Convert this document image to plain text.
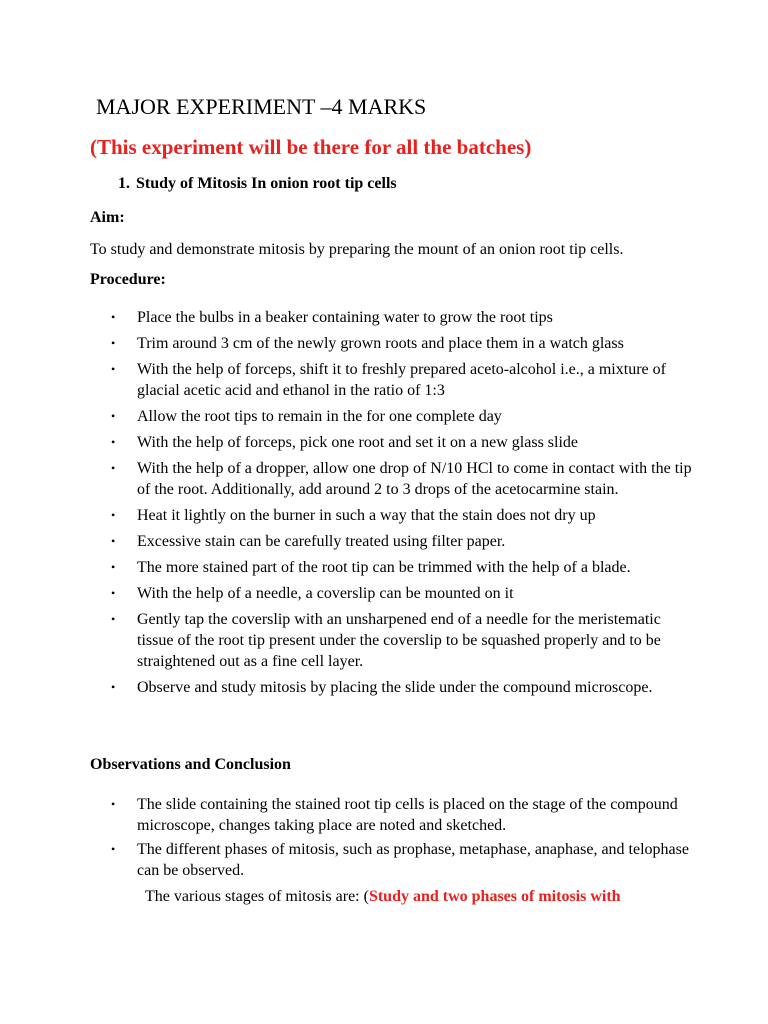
MAJOR EXPERIMENT –4 MARKS
(This experiment will be there for all the batches)
1. Study of Mitosis In onion root tip cells
Aim:
To study and demonstrate mitosis by preparing the mount of an onion root tip cells.
Procedure:
• Place the bulbs in a beaker containing water to grow the root tips
• Trim around 3 cm of the newly grown roots and place them in a watch glass
• With the help of forceps, shift it to freshly prepared aceto-alcohol i.e., a mixture of glacial acetic acid and ethanol in the ratio of 1:3
• Allow the root tips to remain in the for one complete day
• With the help of forceps, pick one root and set it on a new glass slide
• With the help of a dropper, allow one drop of N/10 HCl to come in contact with the tip of the root. Additionally, add around 2 to 3 drops of the acetocarmine stain.
• Heat it lightly on the burner in such a way that the stain does not dry up
• Excessive stain can be carefully treated using filter paper.
• The more stained part of the root tip can be trimmed with the help of a blade.
• With the help of a needle, a coverslip can be mounted on it
• Gently tap the coverslip with an unsharpened end of a needle for the meristematic tissue of the root tip present under the coverslip to be squashed properly and to be straightened out as a fine cell layer.
• Observe and study mitosis by placing the slide under the compound microscope.
Observations and Conclusion
• The slide containing the stained root tip cells is placed on the stage of the compound microscope, changes taking place are noted and sketched.
• The different phases of mitosis, such as prophase, metaphase, anaphase, and telophase can be observed.
The various stages of mitosis are: (Study and two phases of mitosis with
